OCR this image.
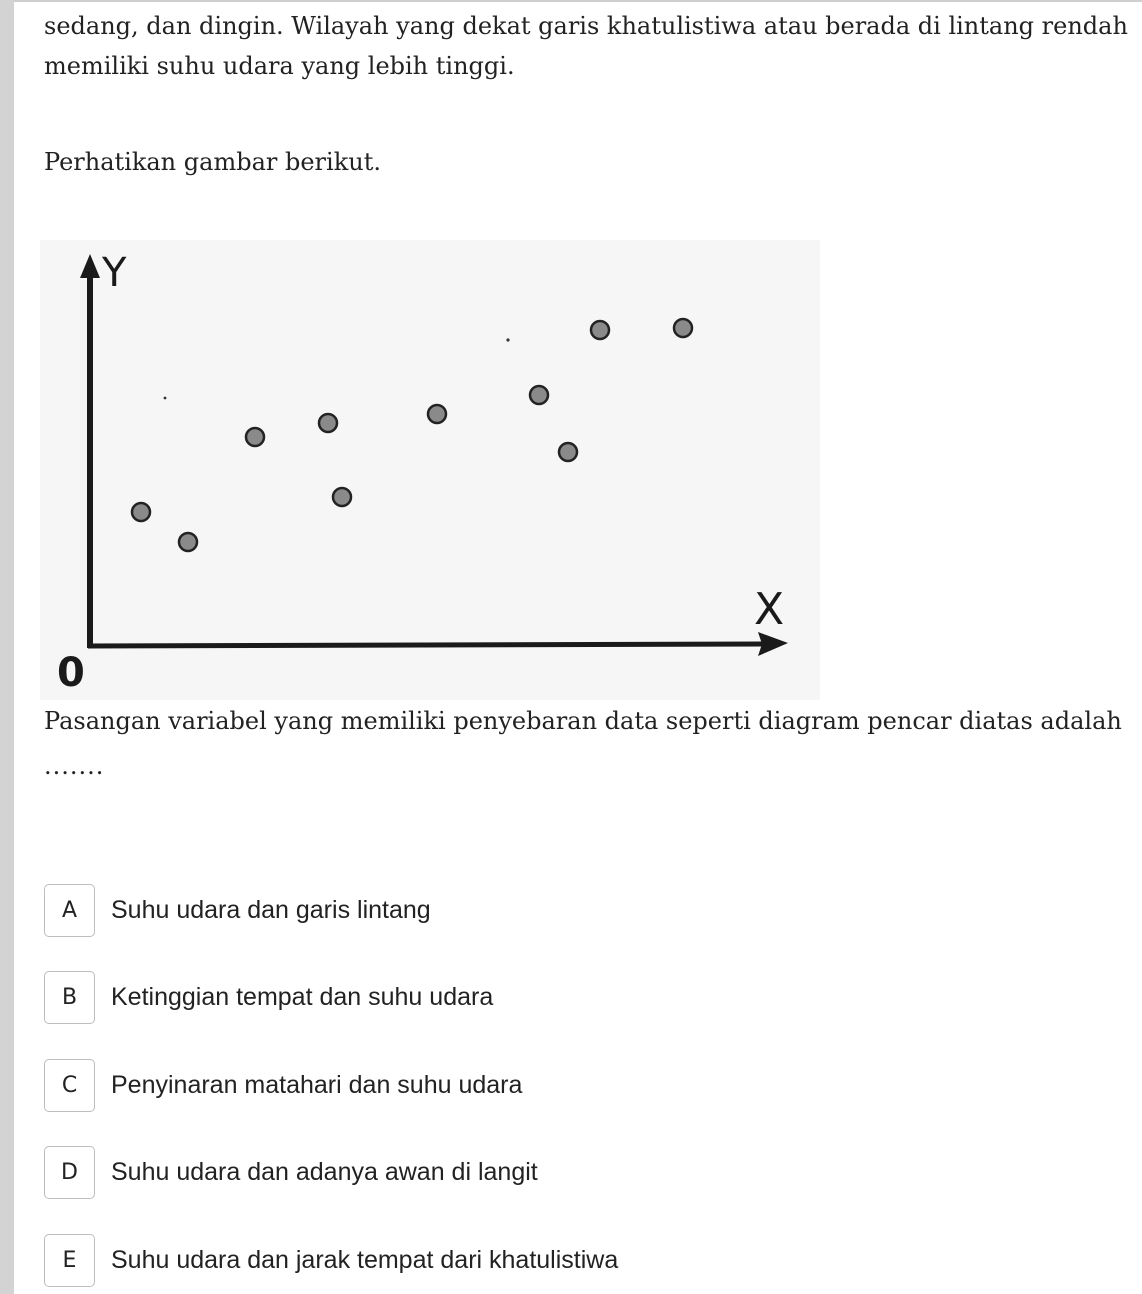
sedang, dan dingin. Wilayah yang dekat garis khatulistiwa atau berada di lintang rendah
memiliki suhu udara yang lebih tinggi.
Perhatikan gambar berikut.
Y
X
0
Pasangan variabel yang memiliki penyebaran data seperti diagram pencar diatas adalah
.......
A	Suhu udara dan garis lintang
B	Ketinggian tempat dan suhu udara
C	Penyinaran matahari dan suhu udara
D	Suhu udara dan adanya awan di langit
E	Suhu udara dan jarak tempat dari khatulistiwa
